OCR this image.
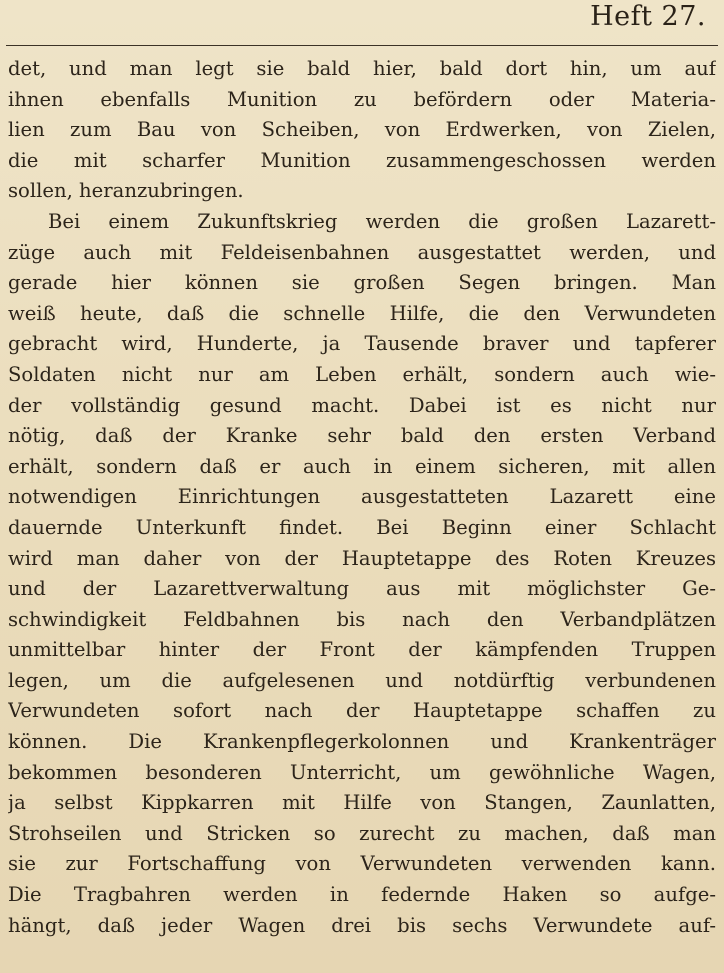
Heft 27.
det, und man legt sie bald hier, bald dort hin, um auf
ihnen ebenfalls Munition zu befördern oder Materia-
lien zum Bau von Scheiben, von Erdwerken, von Zielen,
die mit scharfer Munition zusammengeschossen werden
sollen, heranzubringen.
Bei einem Zukunftskrieg werden die großen Lazarett-
züge auch mit Feldeisenbahnen ausgestattet werden, und
gerade hier können sie großen Segen bringen. Man
weiß heute, daß die schnelle Hilfe, die den Verwundeten
gebracht wird, Hunderte, ja Tausende braver und tapferer
Soldaten nicht nur am Leben erhält, sondern auch wie-
der vollständig gesund macht. Dabei ist es nicht nur
nötig, daß der Kranke sehr bald den ersten Verband
erhält, sondern daß er auch in einem sicheren, mit allen
notwendigen Einrichtungen ausgestatteten Lazarett eine
dauernde Unterkunft findet. Bei Beginn einer Schlacht
wird man daher von der Hauptetappe des Roten Kreuzes
und der Lazarettverwaltung aus mit möglichster Ge-
schwindigkeit Feldbahnen bis nach den Verbandplätzen
unmittelbar hinter der Front der kämpfenden Truppen
legen, um die aufgelesenen und notdürftig verbundenen
Verwundeten sofort nach der Hauptetappe schaffen zu
können. Die Krankenpflegerkolonnen und Krankenträger
bekommen besonderen Unterricht, um gewöhnliche Wagen,
ja selbst Kippkarren mit Hilfe von Stangen, Zaunlatten,
Strohseilen und Stricken so zurecht zu machen, daß man
sie zur Fortschaffung von Verwundeten verwenden kann.
Die Tragbahren werden in federnde Haken so aufge-
hängt, daß jeder Wagen drei bis sechs Verwundete auf-
